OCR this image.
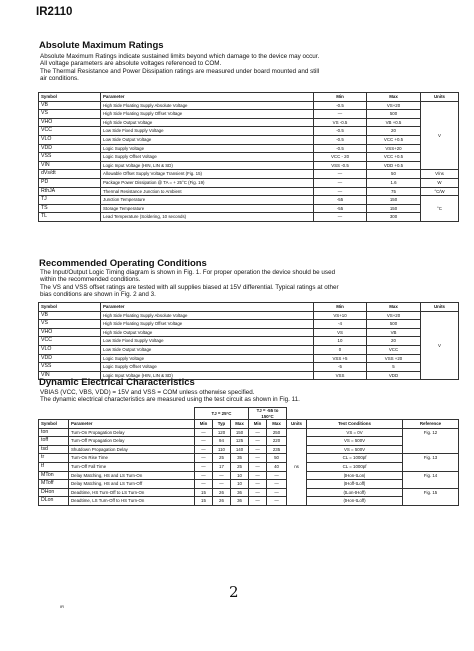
IR2110
Absolute Maximum Ratings
Absolute Maximum Ratings indicate sustained limits beyond which damage to the device may occur.
All voltage parameters are absolute voltages referenced to COM.
The Thermal Resistance and Power Dissipation ratings are measured under board mounted and still
air conditions.
Symbol	Parameter	Min	Max	Units
VB	High Side Floating Supply Absolute Voltage	-0.5	VS+20	V
VS	High Side Floating Supply Offset Voltage	—	500	
VHO	High Side Output Voltage	VS -0.5	VB +0.5	
VCC	Low Side Fixed Supply Voltage	-0.5	20	
VLO	Low Side Output Voltage	-0.5	VCC +0.5	
VDD	Logic Supply Voltage	-0.5	VSS+20	
VSS	Logic Supply Offset Voltage	VCC - 20	VCC +0.5	
VIN	Logic Input Voltage (HIN, LIN & SD)	VSS -0.5	VDD +0.5	
dVs/dt	Allowable Offset Supply Voltage Transient (Fig. 15)	—	50	V/ns
PD	Package Power Dissipation @ TA = + 25°C (Fig. 19)	—	1.6	W
RthJA	Thermal Resistance Junction to Ambient	—	75	°C/W
TJ	Junction Temperature	-55	150	°C
TS	Storage Temperature	-55	150	
TL	Lead Temperature (Soldering, 10 seconds)	—	300	
Recommended Operating Conditions
The Input/Output Logic Timing diagram is shown in Fig. 1. For proper operation the device should be used
within the recommended conditions.
The VS and VSS offset ratings are tested with all supplies biased at 15V differential. Typical ratings at other
bias conditions are shown in Fig. 2 and 3.
Symbol	Parameter	Min	Max	Units
VB	High Side Floating Supply Absolute Voltage	VS+10	VS+20	V
VS	High Side Floating Supply Offset Voltage	-4	500	
VHO	High Side Output Voltage	VS	VB	
VCC	Low Side Fixed Supply Voltage	10	20	
VLO	Low Side Output Voltage	0	VCC	
VDD	Logic Supply Voltage	VSS +5	VSS +20	
VSS	Logic Supply Offset Voltage	-5	5	
VIN	Logic Input Voltage (HIN, LIN & SD)	VSS	VDD	
Dynamic Electrical Characteristics
VBIAS (VCC, VBS, VDD) = 15V and VSS = COM unless otherwise specified.
The dynamic electrical characteristics are measured using the test circuit as shown in Fig. 11.
		TJ = 25°C			TJ = -55 to 150°C				
Symbol	Parameter	Min	Typ	Max	Min	Max	Units	Test Conditions	Reference
ton	Turn-On Propagation Delay	—	120	150	—	250	ns	VS = 0V	Fig. 12
toff	Turn-Off Propagation Delay	—	94	125	—	220		VS = 500V	
tsd	Shutdown Propagation Delay	—	110	140	—	235		VS = 500V	
tr	Turn-On Rise Time	—	25	35	—	50		CL = 1000pf	Fig. 13
tf	Turn-Off Fall Time	—	17	25	—	40		CL = 1000pf	
MTon	Delay Matching, HS and LS Turn-On	—	—	10	—	—		|tHon-tLon|	Fig. 14
MToff	Delay Matching, HS and LS Turn-Off	—	—	10	—	—		|tHoff-tLoff|	
DHon	Deadtime, HS Turn-Off to LS Turn-On	15	26	36	—	—		(tLon-tHoff)	Fig. 15
DLon	Deadtime, LS Turn-Off to HS Turn-On	15	26	36	—	—		(tHon-tLoff)	
2
IR
